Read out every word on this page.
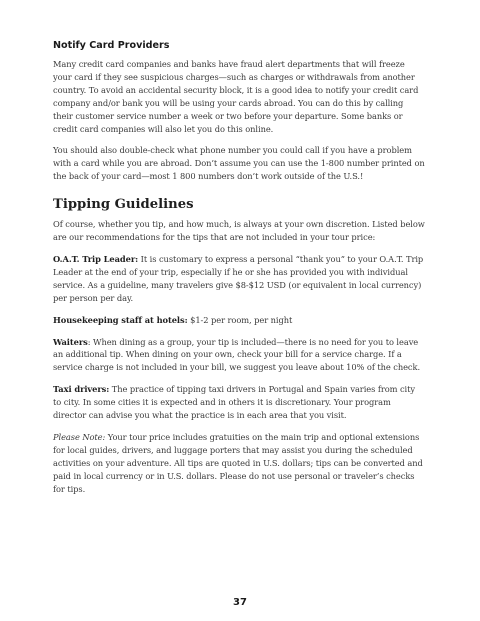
Notify Card Providers

Many credit card companies and banks have fraud alert departments that will freeze your card if they see suspicious charges—such as charges or withdrawals from another country. To avoid an accidental security block, it is a good idea to notify your credit card company and/or bank you will be using your cards abroad. You can do this by calling their customer service number a week or two before your departure. Some banks or credit card companies will also let you do this online.

You should also double-check what phone number you could call if you have a problem with a card while you are abroad. Don’t assume you can use the 1-800 number printed on the back of your card—most 1 800 numbers don’t work outside of the U.S.!

Tipping Guidelines

Of course, whether you tip, and how much, is always at your own discretion. Listed below are our recommendations for the tips that are not included in your tour price:

O.A.T. Trip Leader: It is customary to express a personal “thank you” to your O.A.T. Trip Leader at the end of your trip, especially if he or she has provided you with individual service. As a guideline, many travelers give $8-$12 USD (or equivalent in local currency) per person per day.

Housekeeping staff at hotels: $1-2 per room, per night

Waiters: When dining as a group, your tip is included—there is no need for you to leave an additional tip. When dining on your own, check your bill for a service charge. If a service charge is not included in your bill, we suggest you leave about 10% of the check.

Taxi drivers: The practice of tipping taxi drivers in Portugal and Spain varies from city to city. In some cities it is expected and in others it is discretionary. Your program director can advise you what the practice is in each area that you visit.

Please Note: Your tour price includes gratuities on the main trip and optional extensions for local guides, drivers, and luggage porters that may assist you during the scheduled activities on your adventure. All tips are quoted in U.S. dollars; tips can be converted and paid in local currency or in U.S. dollars. Please do not use personal or traveler’s checks for tips.

37
